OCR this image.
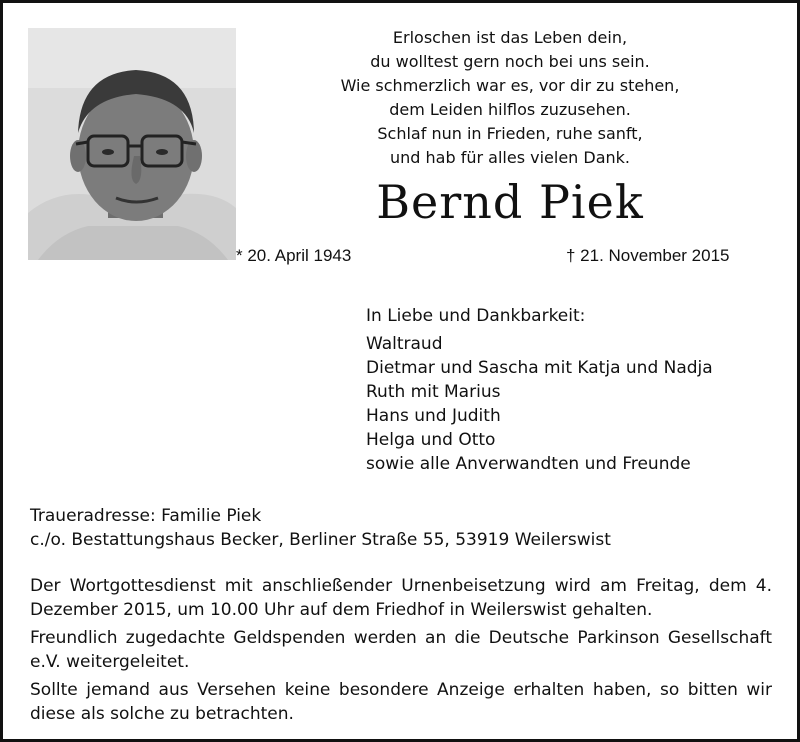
Erloschen ist das Leben dein,
du wolltest gern noch bei uns sein.
Wie schmerzlich war es, vor dir zu stehen,
dem Leiden hilflos zuzusehen.
Schlaf nun in Frieden, ruhe sanft,
und hab für alles vielen Dank.
Bernd Piek
* 20. April 1943	† 21. November 2015
In Liebe und Dankbarkeit:
Waltraud
Dietmar und Sascha mit Katja und Nadja
Ruth mit Marius
Hans und Judith
Helga und Otto
sowie alle Anverwandten und Freunde
Traueradresse: Familie Piek
c./o. Bestattungshaus Becker, Berliner Straße 55, 53919 Weilerswist

Der Wortgottesdienst mit anschließender Urnenbeisetzung wird am Freitag, dem 4. Dezember 2015, um 10.00 Uhr auf dem Friedhof in Weilerswist gehalten.

Freundlich zugedachte Geldspenden werden an die Deutsche Parkinson Gesellschaft e.V. weitergeleitet.

Sollte jemand aus Versehen keine besondere Anzeige erhalten haben, so bitten wir diese als solche zu betrachten.
